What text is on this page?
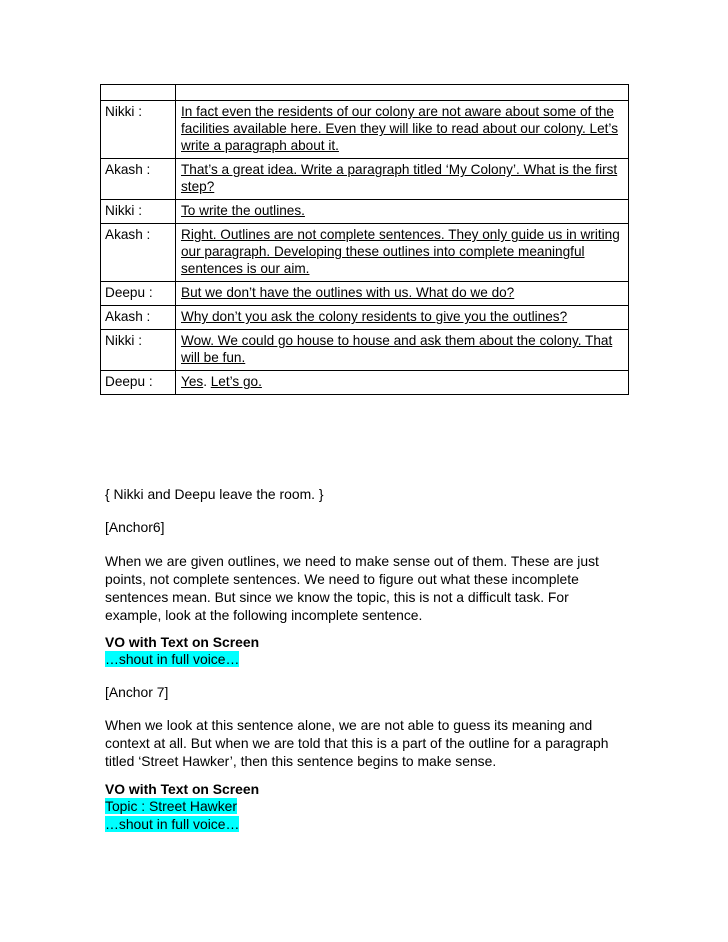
Nikki :	In fact even the residents of our colony are not aware about some of the facilities available here. Even they will like to read about our colony. Let’s write a paragraph about it.
Akash :	That’s a great idea. Write a paragraph titled ‘My Colony’. What is the first step?
Nikki :	To write the outlines.
Akash :	Right. Outlines are not complete sentences. They only guide us in writing our paragraph. Developing these outlines into complete meaningful sentences is our aim.
Deepu :	But we don’t have the outlines with us. What do we do?
Akash :	Why don’t you ask the colony residents to give you the outlines?
Nikki :	Wow. We could go house to house and ask them about the colony. That will be fun.
Deepu :	Yes. Let’s go.

{ Nikki and Deepu leave the room. }

[Anchor6]

When we are given outlines, we need to make sense out of them. These are just points, not complete sentences. We need to figure out what these incomplete sentences mean. But since we know the topic, this is not a difficult task. For example, look at the following incomplete sentence.

VO with Text on Screen

…shout in full voice…

[Anchor 7]

When we look at this sentence alone, we are not able to guess its meaning and context at all. But when we are told that this is a part of the outline for a paragraph titled ‘Street Hawker’, then this sentence begins to make sense.

VO with Text on Screen

Topic : Street Hawker

…shout in full voice…
